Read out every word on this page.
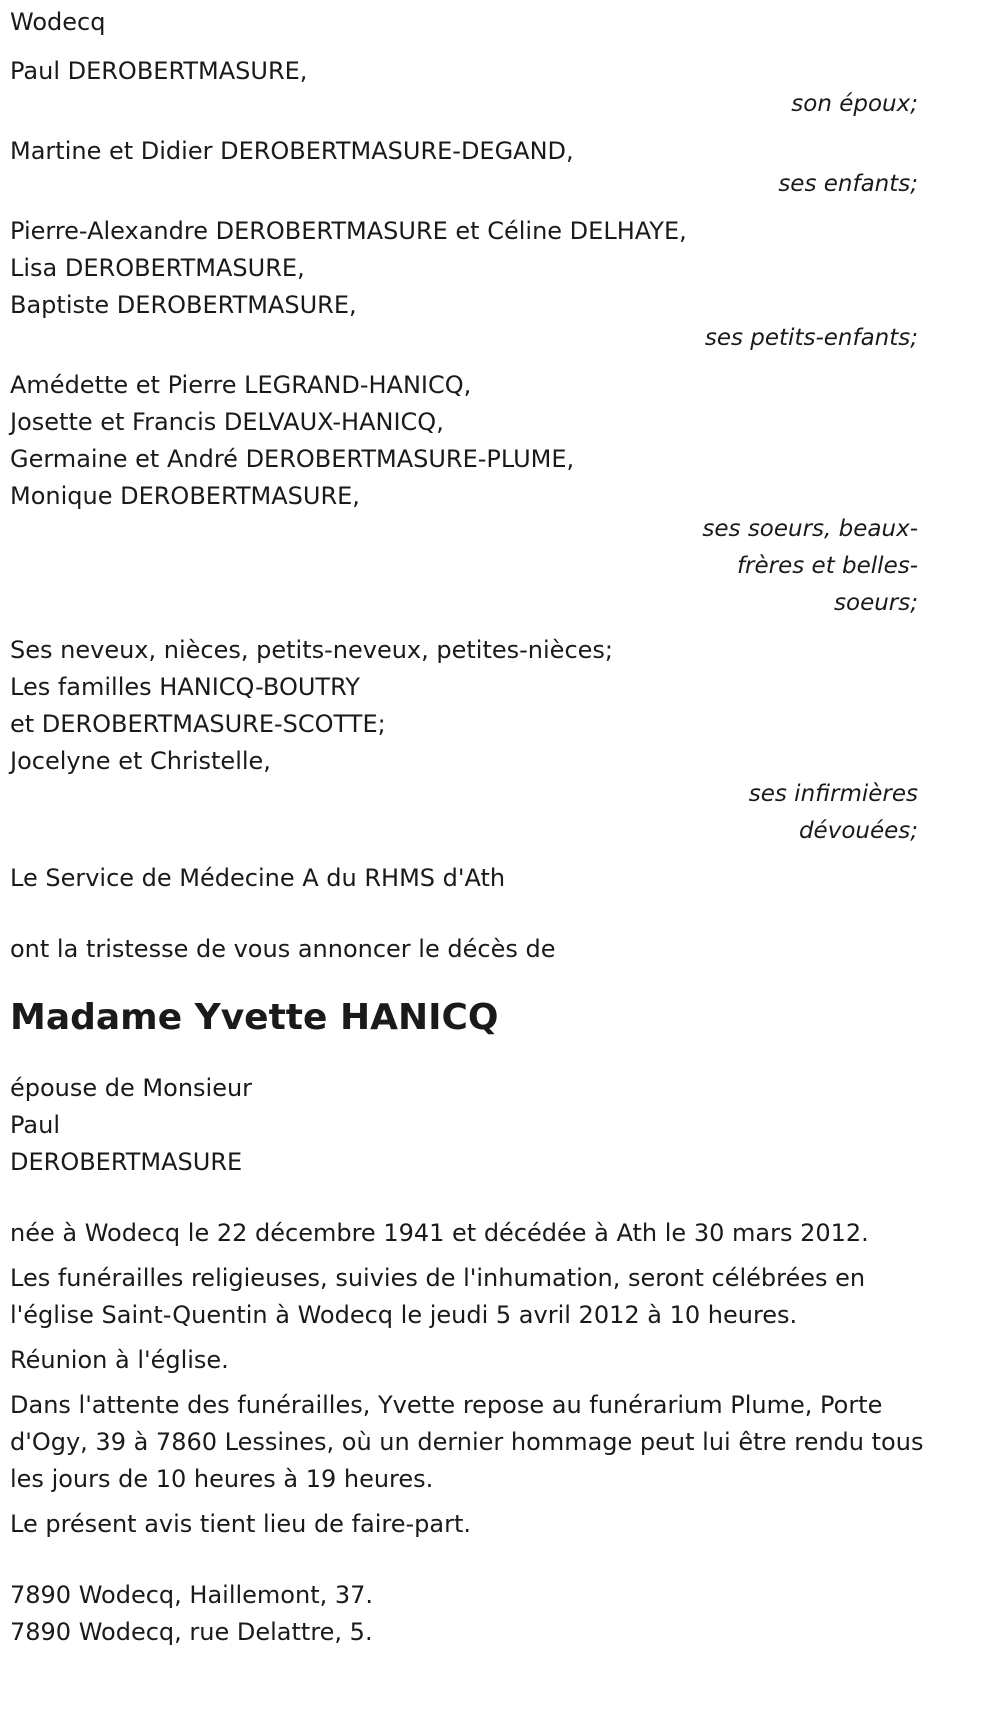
Wodecq
Paul DEROBERTMASURE,
son époux;
Martine et Didier DEROBERTMASURE-DEGAND,
ses enfants;
Pierre-Alexandre DEROBERTMASURE et Céline DELHAYE,
Lisa DEROBERTMASURE,
Baptiste DEROBERTMASURE,
ses petits-enfants;
Amédette et Pierre LEGRAND-HANICQ,
Josette et Francis DELVAUX-HANICQ,
Germaine et André DEROBERTMASURE-PLUME,
Monique DEROBERTMASURE,
ses soeurs, beaux-
frères et belles-
soeurs;
Ses neveux, nièces, petits-neveux, petites-nièces;
Les familles HANICQ-BOUTRY
et DEROBERTMASURE-SCOTTE;
Jocelyne et Christelle,
ses infirmières
dévouées;
Le Service de Médecine A du RHMS d'Ath
ont la tristesse de vous annoncer le décès de
Madame Yvette HANICQ
épouse de Monsieur
Paul
DEROBERTMASURE
née à Wodecq le 22 décembre 1941 et décédée à Ath le 30 mars 2012.
Les funérailles religieuses, suivies de l'inhumation, seront célébrées en l'église Saint-Quentin à Wodecq le jeudi 5 avril 2012 à 10 heures.
Réunion à l'église.
Dans l'attente des funérailles, Yvette repose au funérarium Plume, Porte d'Ogy, 39 à 7860 Lessines, où un dernier hommage peut lui être rendu tous les jours de 10 heures à 19 heures.
Le présent avis tient lieu de faire-part.
7890 Wodecq, Haillemont, 37.
7890 Wodecq, rue Delattre, 5.
